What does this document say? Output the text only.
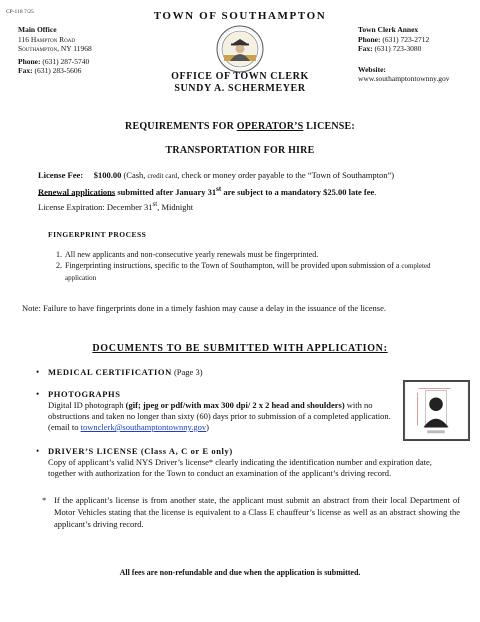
CP-118 7/25	TOWN OF SOUTHAMPTON
Main Office
116 Hampton Road
Southampton, NY 11968
Phone: (631) 287-5740
Fax: (631) 283-5606
Town Clerk Annex
Phone: (631) 723-2712
Fax: (631) 723-3080
Website:
www.southamptontownny.gov
OFFICE OF TOWN CLERK
SUNDY A. SCHERMEYER
REQUIREMENTS FOR OPERATOR’S LICENSE:
TRANSPORTATION FOR HIRE
License Fee: $100.00 (Cash, credit card, check or money order payable to the “Town of Southampton”)
Renewal applications submitted after January 31st are subject to a mandatory $25.00 late fee.
License Expiration: December 31st, Midnight
FINGERPRINT PROCESS
1. All new applicants and non-consecutive yearly renewals must be fingerprinted.
2. Fingerprinting instructions, specific to the Town of Southampton, will be provided upon submission of a completed application
Note: Failure to have fingerprints done in a timely fashion may cause a delay in the issuance of the license.
DOCUMENTS TO BE SUBMITTED WITH APPLICATION:
• MEDICAL CERTIFICATION (Page 3)
• PHOTOGRAPHS
Digital ID photograph (gif; jpeg or pdf/with max 300 dpi/ 2 x 2 head and shoulders) with no obstructions and taken no longer than sixty (60) days prior to submission of a completed application. (email to townclerk@southamptontownny.gov)
• DRIVER’S LICENSE (Class A, C or E only)
Copy of applicant’s valid NYS Driver’s license* clearly indicating the identification number and expiration date, together with authorization for the Town to conduct an examination of the applicant’s driving record.
* If the applicant’s license is from another state, the applicant must submit an abstract from their local Department of Motor Vehicles stating that the license is equivalent to a Class E chauffeur’s license as well as an abstract showing the applicant’s driving record.
All fees are non-refundable and due when the application is submitted.
